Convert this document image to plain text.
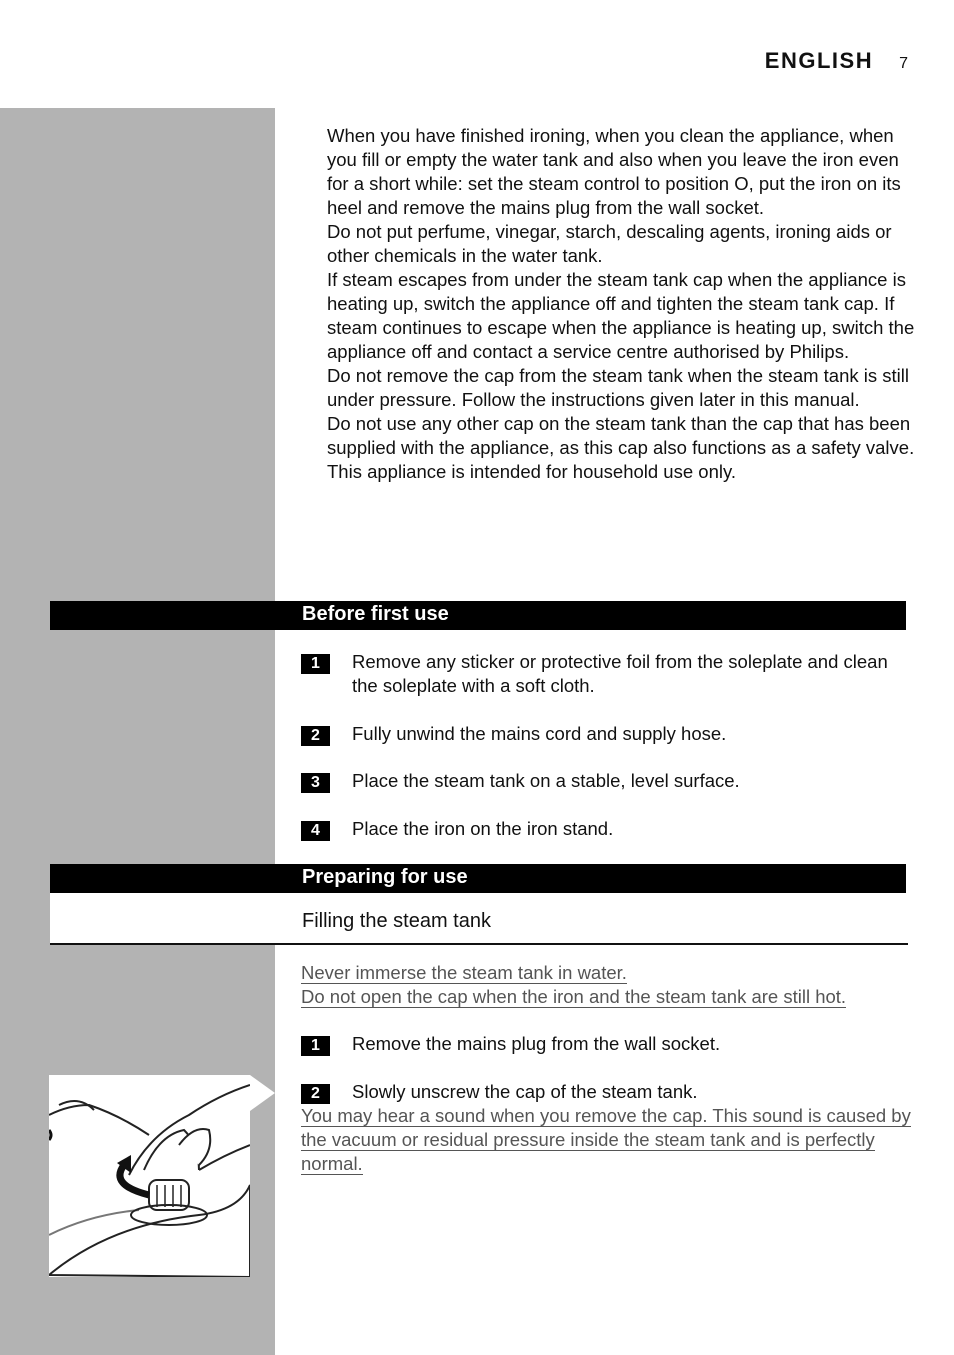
ENGLISH 7

When you have finished ironing, when you clean the appliance, when you fill or empty the water tank and also when you leave the iron even for a short while: set the steam control to position O, put the iron on its heel and remove the mains plug from the wall socket.

Do not put perfume, vinegar, starch, descaling agents, ironing aids or other chemicals in the water tank.

If steam escapes from under the steam tank cap when the appliance is heating up, switch the appliance off and tighten the steam tank cap. If steam continues to escape when the appliance is heating up, switch the appliance off and contact a service centre authorised by Philips.

Do not remove the cap from the steam tank when the steam tank is still under pressure. Follow the instructions given later in this manual.

Do not use any other cap on the steam tank than the cap that has been supplied with the appliance, as this cap also functions as a safety valve.

This appliance is intended for household use only.

Before first use
1	Remove any sticker or protective foil from the soleplate and clean the soleplate with a soft cloth.
2	Fully unwind the mains cord and supply hose.
3	Place the steam tank on a stable, level surface.
4	Place the iron on the iron stand.
Preparing for use
Filling the steam tank
Never immerse the steam tank in water.
Do not open the cap when the iron and the steam tank are still hot.
1	Remove the mains plug from the wall socket.
2	Slowly unscrew the cap of the steam tank.
You may hear a sound when you remove the cap. This sound is caused by the vacuum or residual pressure inside the steam tank and is perfectly normal.
